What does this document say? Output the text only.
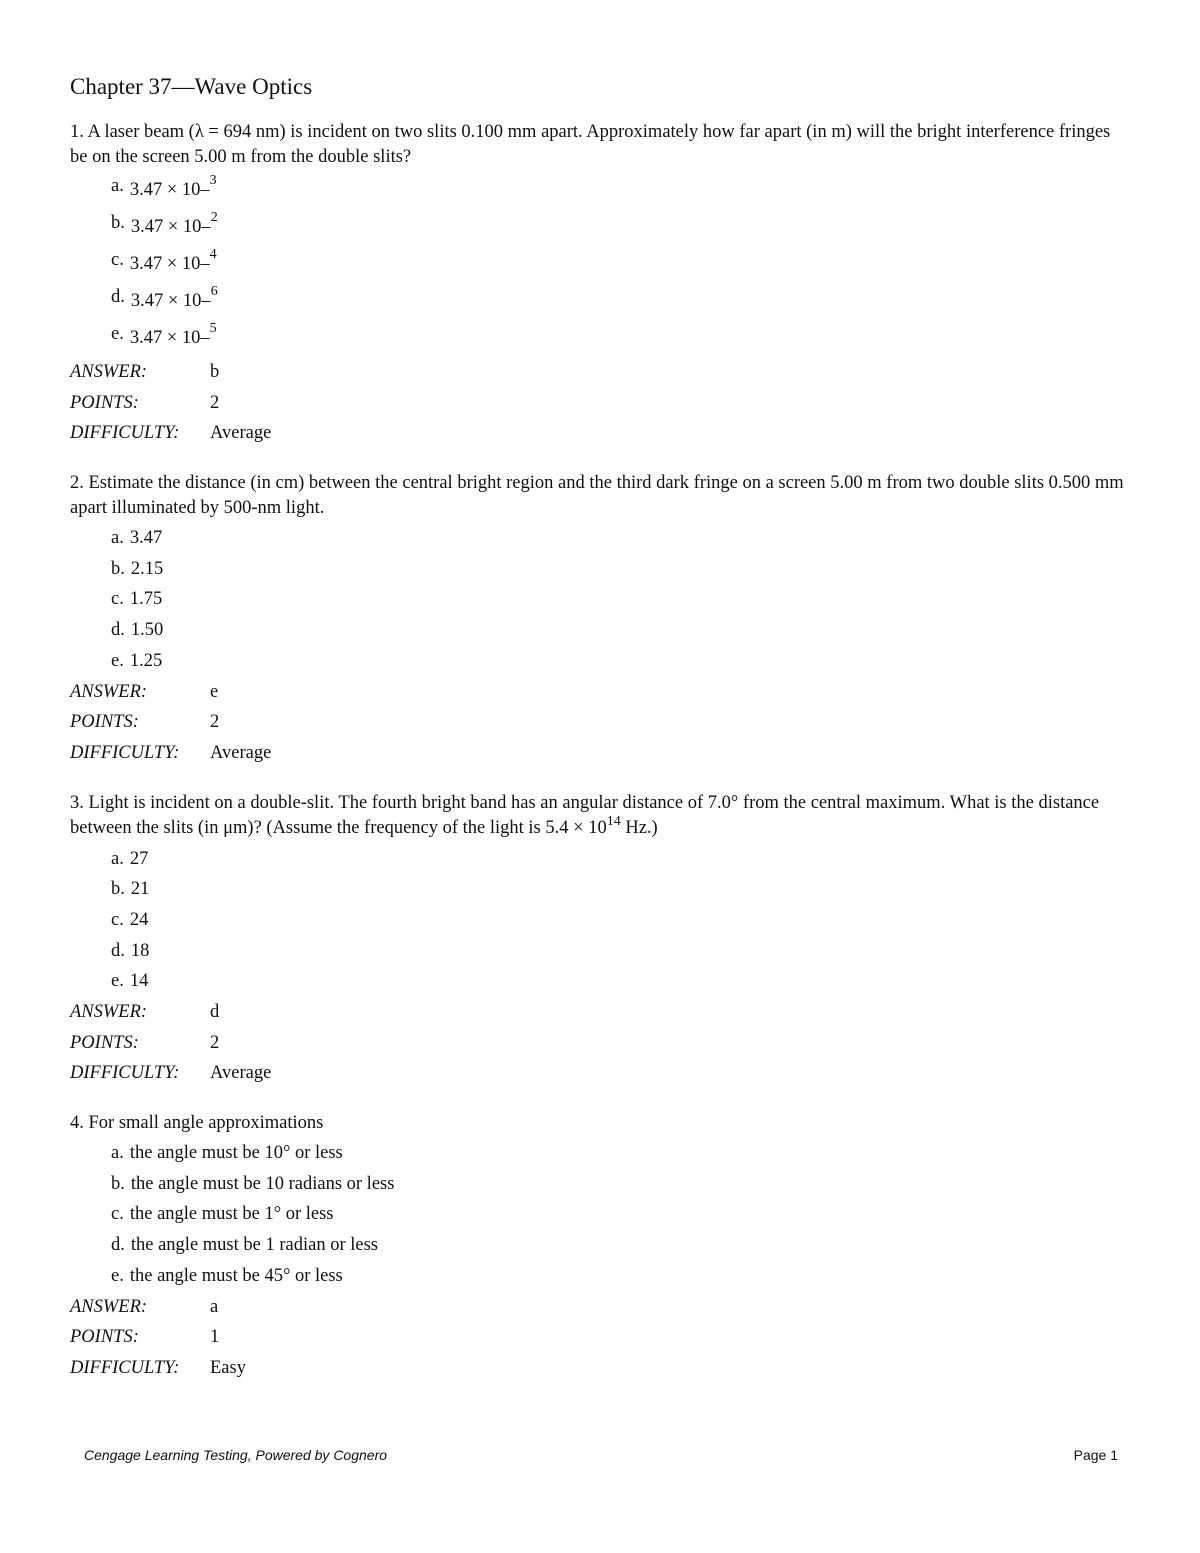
Chapter 37—Wave Optics

1. A laser beam (λ = 694 nm) is incident on two slits 0.100 mm apart. Approximately how far apart (in m) will the bright interference fringes be on the screen 5.00 m from the double slits?

a. 3.47 × 10–$^3$
b. 3.47 × 10–$^2$
c. 3.47 × 10–$^4$
d. 3.47 × 10–$^6$
e. 3.47 × 10–$^5$
ANSWER:	b
POINTS:	2
DIFFICULTY: Average

2. Estimate the distance (in cm) between the central bright region and the third dark fringe on a screen 5.00 m from two double slits 0.500 mm apart illuminated by 500-nm light.

a. 3.47
b. 2.15
c. 1.75
d. 1.50
e. 1.25
ANSWER:	e
POINTS:	2
DIFFICULTY: Average

3. Light is incident on a double-slit. The fourth bright band has an angular distance of 7.0° from the central maximum. What is the distance between the slits (in μm)? (Assume the frequency of the light is $5.4 \times 10^{14}$ Hz.)

a. 27
b. 21
c. 24
d. 18
e. 14
ANSWER:	d
POINTS:	2
DIFFICULTY: Average

4. For small angle approximations

a. the angle must be 10° or less
b. the angle must be 10 radians or less
c. the angle must be 1° or less
d. the angle must be 1 radian or less
e. the angle must be 45° or less
ANSWER:	a
POINTS:	1
DIFFICULTY: Easy
Cengage Learning Testing, Powered by Cognero	Page 1
